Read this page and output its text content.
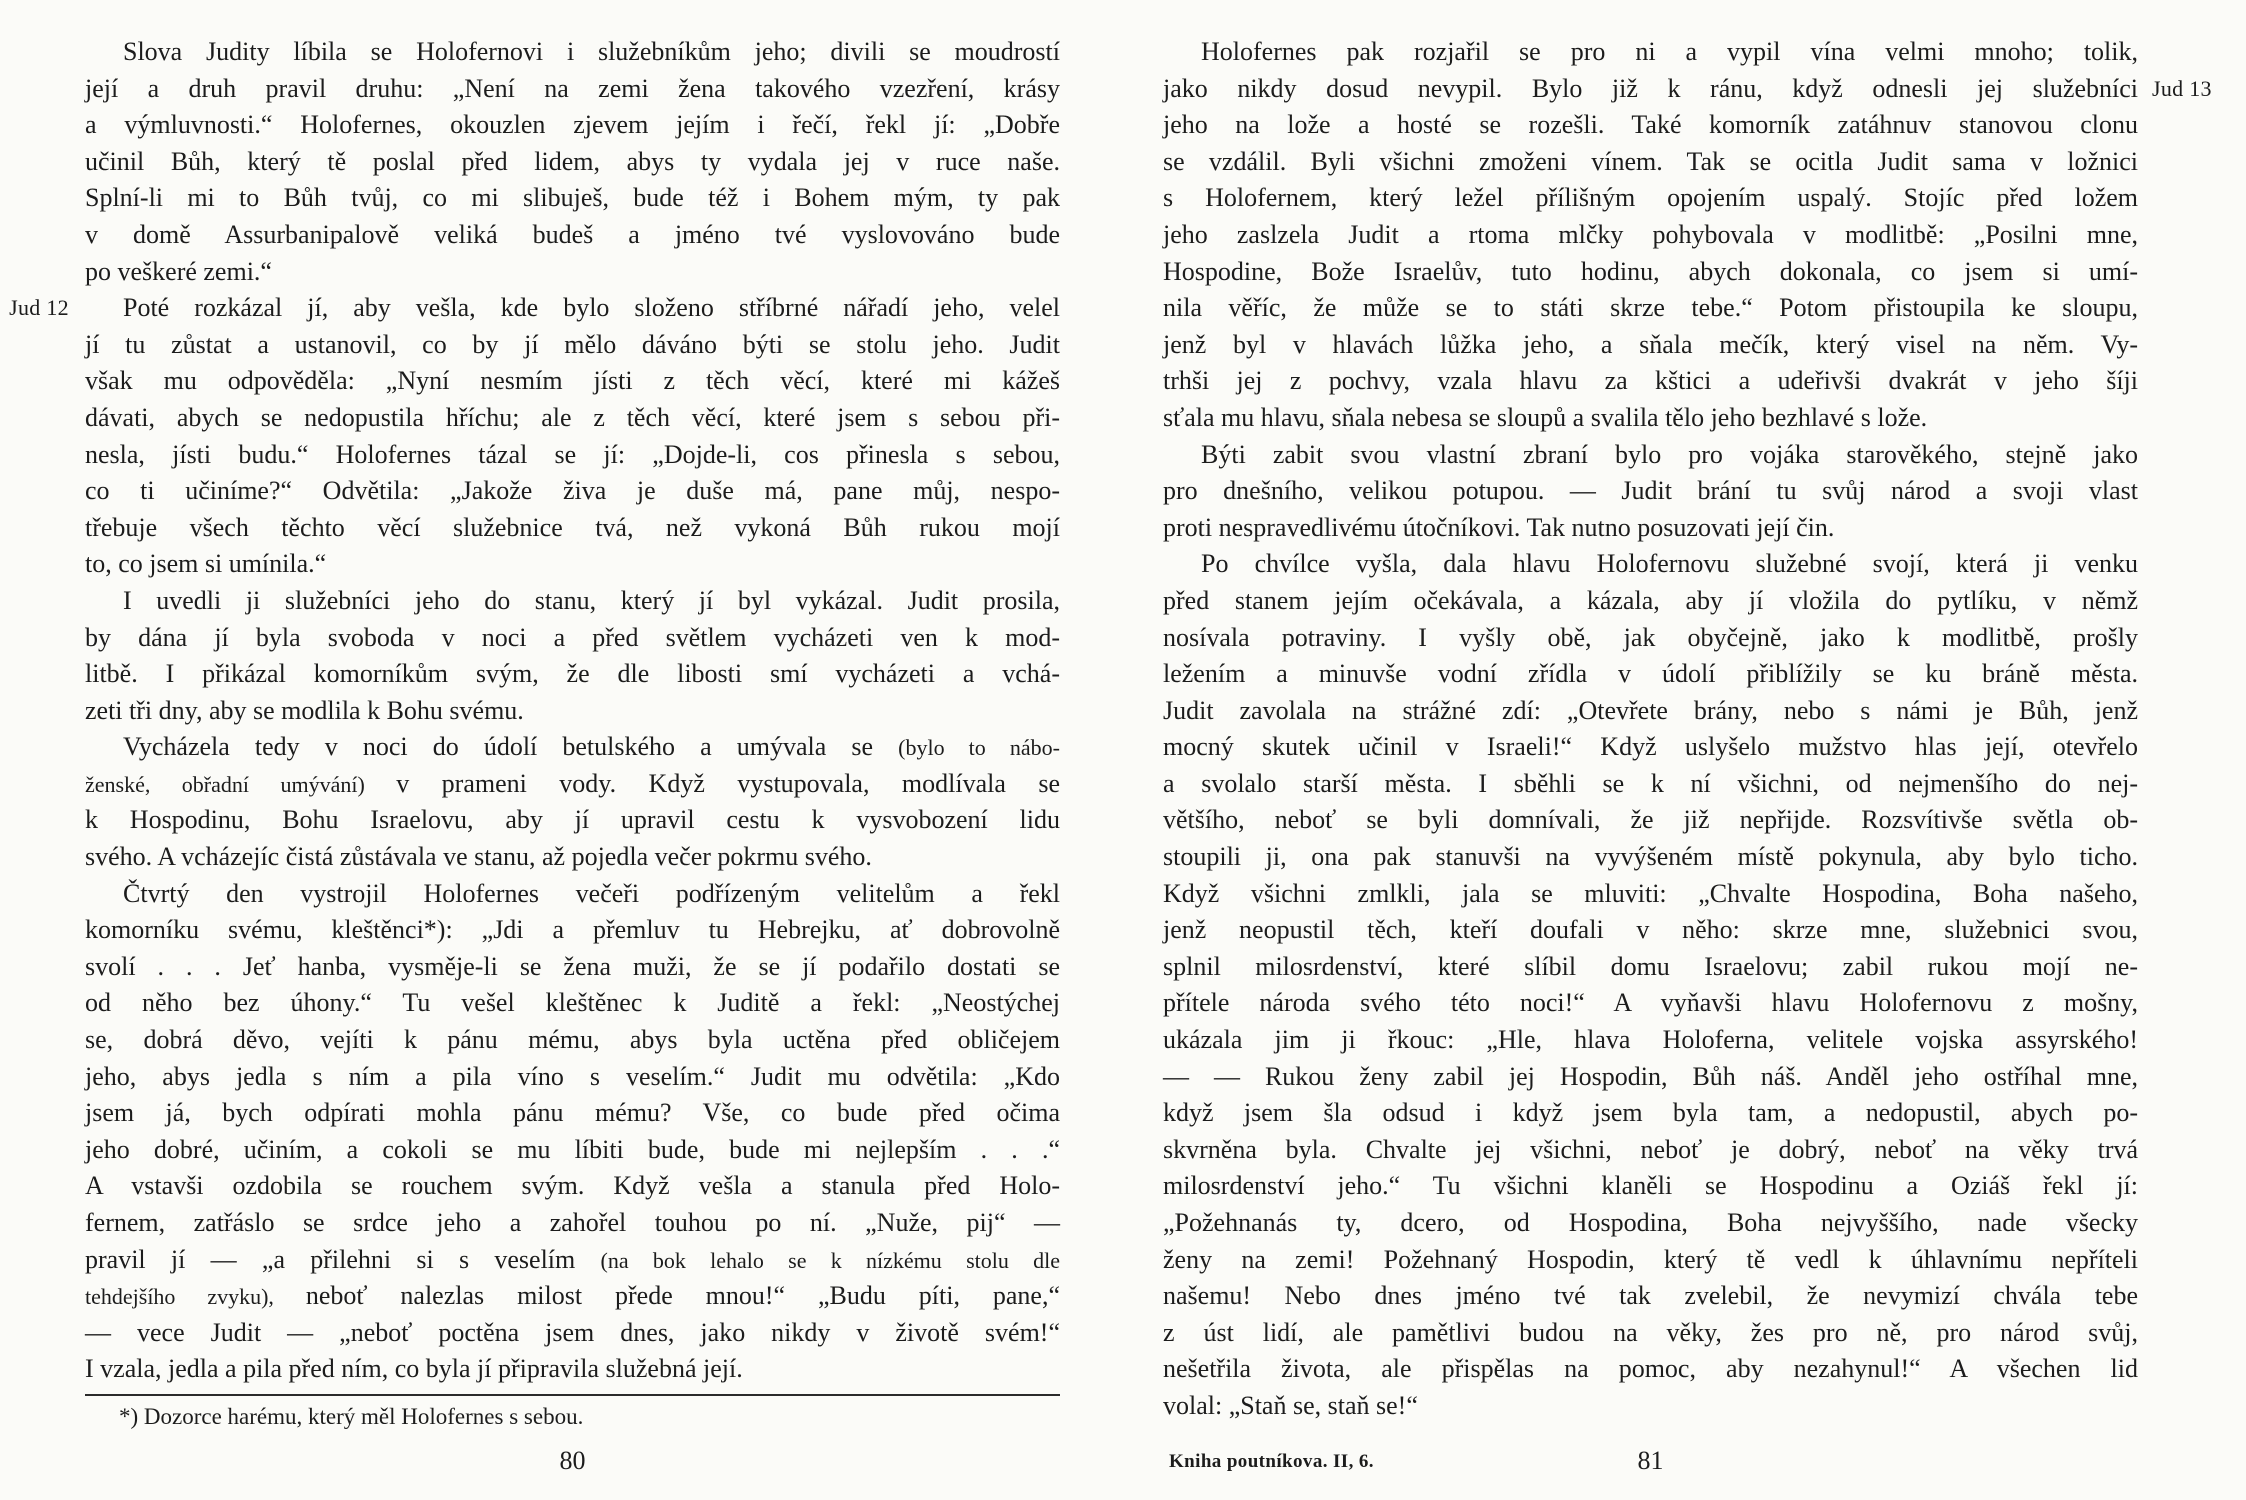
Slova Judity líbila se Holofernovi i služebníkům jeho; divili se moudrostí
její a druh pravil druhu: „Není na zemi žena takového vzezření, krásy
a výmluvnosti.“ Holofernes, okouzlen zjevem jejím i řečí, řekl jí: „Dobře
učinil Bůh, který tě poslal před lidem, abys ty vydala jej v ruce naše.
Splní-li mi to Bůh tvůj, co mi slibuješ, bude též i Bohem mým, ty pak
v domě Assurbanipalově veliká budeš a jméno tvé vyslovováno bude
po veškeré zemi.“
Poté rozkázal jí, aby vešla, kde bylo složeno stříbrné nářadí jeho, velel
Jud 12
jí tu zůstat a ustanovil, co by jí mělo dáváno býti se stolu jeho. Judit
však mu odpověděla: „Nyní nesmím jísti z těch věcí, které mi kážeš
dávati, abych se nedopustila hříchu; ale z těch věcí, které jsem s sebou při-
nesla, jísti budu.“ Holofernes tázal se jí: „Dojde-li, cos přinesla s sebou,
co ti učiníme?“ Odvětila: „Jakože živa je duše má, pane můj, nespo-
třebuje všech těchto věcí služebnice tvá, než vykoná Bůh rukou mojí
to, co jsem si umínila.“
I uvedli ji služebníci jeho do stanu, který jí byl vykázal. Judit prosila,
by dána jí byla svoboda v noci a před světlem vycházeti ven k mod-
litbě. I přikázal komorníkům svým, že dle libosti smí vycházeti a vchá-
zeti tři dny, aby se modlila k Bohu svému.
Vycházela tedy v noci do údolí betulského a umývala se (bylo to nábo-
ženské, obřadní umývání) v prameni vody. Když vystupovala, modlívala se
k Hospodinu, Bohu Israelovu, aby jí upravil cestu k vysvobození lidu
svého. A vcházejíc čistá zůstávala ve stanu, až pojedla večer pokrmu svého.
Čtvrtý den vystrojil Holofernes večeři podřízeným velitelům a řekl
komorníku svému, kleštěnci*): „Jdi a přemluv tu Hebrejku, ať dobrovolně
svolí . . . Jeť hanba, vysměje-li se žena muži, že se jí podařilo dostati se
od něho bez úhony.“ Tu vešel kleštěnec k Juditě a řekl: „Neostýchej
se, dobrá děvo, vejíti k pánu mému, abys byla uctěna před obličejem
jeho, abys jedla s ním a pila víno s veselím.“ Judit mu odvětila: „Kdo
jsem já, bych odpírati mohla pánu mému? Vše, co bude před očima
jeho dobré, učiním, a cokoli se mu líbiti bude, bude mi nejlepším . . .“
A vstavši ozdobila se rouchem svým. Když vešla a stanula před Holo-
fernem, zatřáslo se srdce jeho a zahořel touhou po ní. „Nuže, pij“ —
pravil jí — „a přilehni si s veselím (na bok lehalo se k nízkému stolu dle
tehdejšího zvyku), neboť nalezlas milost přede mnou!“ „Budu píti, pane,“
— vece Judit — „neboť poctěna jsem dnes, jako nikdy v životě svém!“
I vzala, jedla a pila před ním, co byla jí připravila služebná její.
*) Dozorce harému, který měl Holofernes s sebou.
80
Holofernes pak rozjařil se pro ni a vypil vína velmi mnoho; tolik,
jako nikdy dosud nevypil. Bylo již k ránu, když odnesli jej služebníci Jud 13
jeho na lože a hosté se rozešli. Také komorník zatáhnuv stanovou clonu
se vzdálil. Byli všichni zmoženi vínem. Tak se ocitla Judit sama v ložnici
s Holofernem, který ležel přílišným opojením uspalý. Stojíc před ložem
jeho zaslzela Judit a rtoma mlčky pohybovala v modlitbě: „Posilni mne,
Hospodine, Bože Israelův, tuto hodinu, abych dokonala, co jsem si umí-
nila věříc, že může se to státi skrze tebe.“ Potom přistoupila ke sloupu,
jenž byl v hlavách lůžka jeho, a sňala mečík, který visel na něm. Vy-
trhši jej z pochvy, vzala hlavu za kštici a udeřivši dvakrát v jeho šíji
sťala mu hlavu, sňala nebesa se sloupů a svalila tělo jeho bezhlavé s lože.
Býti zabit svou vlastní zbraní bylo pro vojáka starověkého, stejně jako
pro dnešního, velikou potupou. — Judit brání tu svůj národ a svoji vlast
proti nespravedlivému útočníkovi. Tak nutno posuzovati její čin.
Po chvílce vyšla, dala hlavu Holofernovu služebné svojí, která ji venku
před stanem jejím očekávala, a kázala, aby jí vložila do pytlíku, v němž
nosívala potraviny. I vyšly obě, jak obyčejně, jako k modlitbě, prošly
ležením a minuvše vodní zřídla v údolí přiblížily se ku bráně města.
Judit zavolala na strážné zdí: „Otevřete brány, nebo s námi je Bůh, jenž
mocný skutek učinil v Israeli!“ Když uslyšelo mužstvo hlas její, otevřelo
a svolalo starší města. I sběhli se k ní všichni, od nejmenšího do nej-
většího, neboť se byli domnívali, že již nepřijde. Rozsvítivše světla ob-
stoupili ji, ona pak stanuvši na vyvýšeném místě pokynula, aby bylo ticho.
Když všichni zmlkli, jala se mluviti: „Chvalte Hospodina, Boha našeho,
jenž neopustil těch, kteří doufali v něho: skrze mne, služebnici svou,
splnil milosrdenství, které slíbil domu Israelovu; zabil rukou mojí ne-
přítele národa svého této noci!“ A vyňavši hlavu Holofernovu z mošny,
ukázala jim ji řkouc: „Hle, hlava Holoferna, velitele vojska assyrského!
— — Rukou ženy zabil jej Hospodin, Bůh náš. Anděl jeho ostříhal mne,
když jsem šla odsud i když jsem byla tam, a nedopustil, abych po-
skvrněna byla. Chvalte jej všichni, neboť je dobrý, neboť na věky trvá
milosrdenství jeho.“ Tu všichni klaněli se Hospodinu a Oziáš řekl jí:
„Požehnanás ty, dcero, od Hospodina, Boha nejvyššího, nade všecky
ženy na zemi! Požehnaný Hospodin, který tě vedl k úhlavnímu nepříteli
našemu! Nebo dnes jméno tvé tak zvelebil, že nevymizí chvála tebe
z úst lidí, ale pamětlivi budou na věky, žes pro ně, pro národ svůj,
nešetřila života, ale přispělas na pomoc, aby nezahynul!“ A všechen lid
volal: „Staň se, staň se!“
Kniha poutníkova. II, 6.	81
